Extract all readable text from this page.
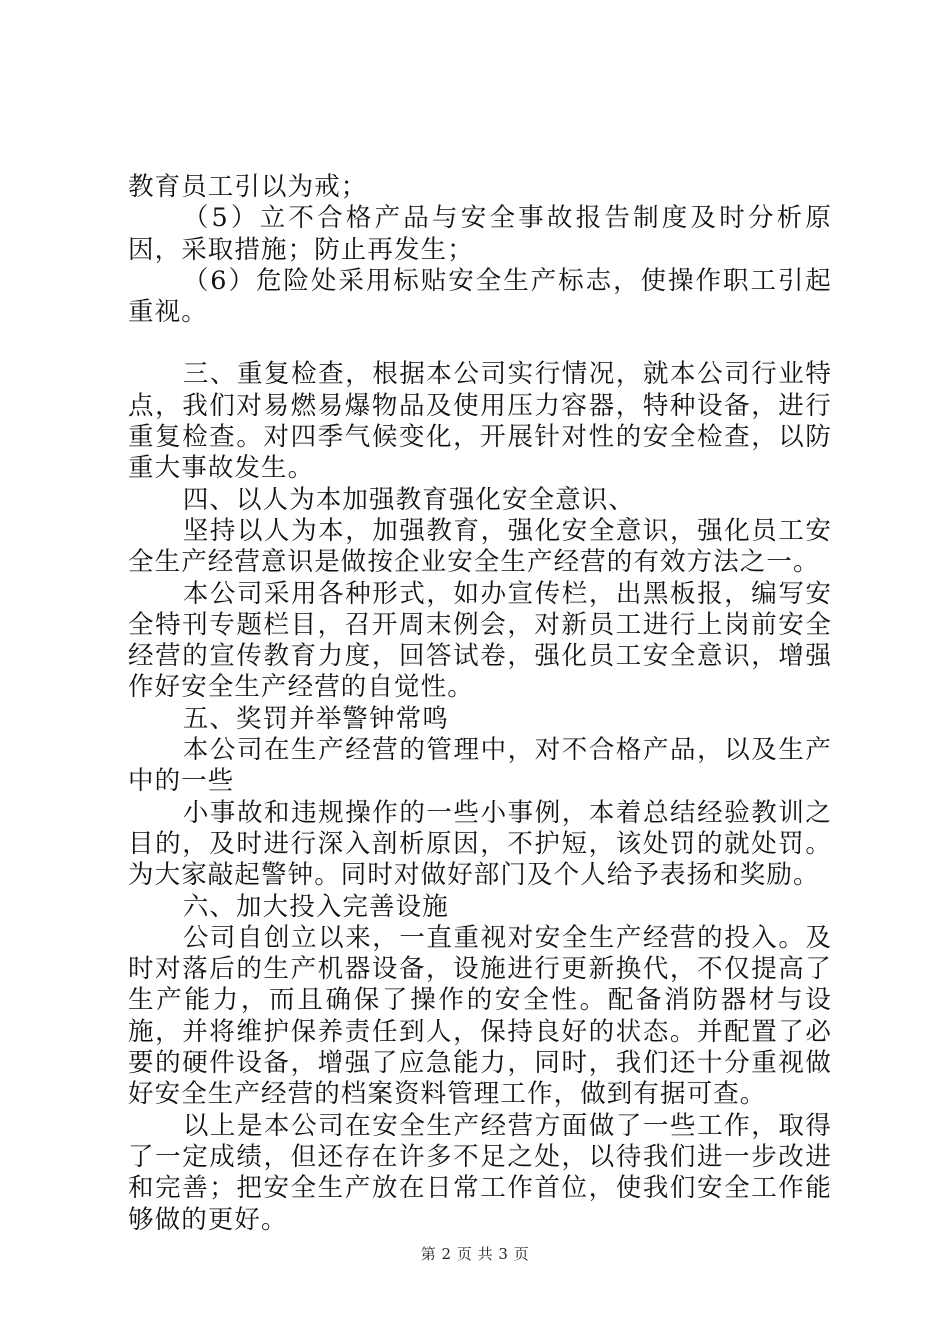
教育员工引以为戒；

（5）立不合格产品与安全事故报告制度及时分析原因，采取措施；防止再发生；

（6）危险处采用标贴安全生产标志，使操作职工引起重视。

三、重复检查，根据本公司实行情况，就本公司行业特点，我们对易燃易爆物品及使用压力容器，特种设备，进行重复检查。对四季气候变化，开展针对性的安全检查，以防重大事故发生。

四、以人为本加强教育强化安全意识、

坚持以人为本，加强教育，强化安全意识，强化员工安全生产经营意识是做按企业安全生产经营的有效方法之一。

本公司采用各种形式，如办宣传栏，出黑板报，编写安全特刊专题栏目，召开周末例会，对新员工进行上岗前安全经营的宣传教育力度，回答试卷，强化员工安全意识，增强作好安全生产经营的自觉性。

五、奖罚并举警钟常鸣

本公司在生产经营的管理中，对不合格产品，以及生产中的一些

小事故和违规操作的一些小事例，本着总结经验教训之目的，及时进行深入剖析原因，不护短，该处罚的就处罚。为大家敲起警钟。同时对做好部门及个人给予表扬和奖励。

六、加大投入完善设施

公司自创立以来，一直重视对安全生产经营的投入。及时对落后的生产机器设备，设施进行更新换代，不仅提高了生产能力，而且确保了操作的安全性。配备消防器材与设施，并将维护保养责任到人，保持良好的状态。并配置了必要的硬件设备，增强了应急能力，同时，我们还十分重视做好安全生产经营的档案资料管理工作，做到有据可查。

以上是本公司在安全生产经营方面做了一些工作，取得了一定成绩，但还存在许多不足之处，以待我们进一步改进和完善；把安全生产放在日常工作首位，使我们安全工作能够做的更好。

第 2 页 共 3 页
